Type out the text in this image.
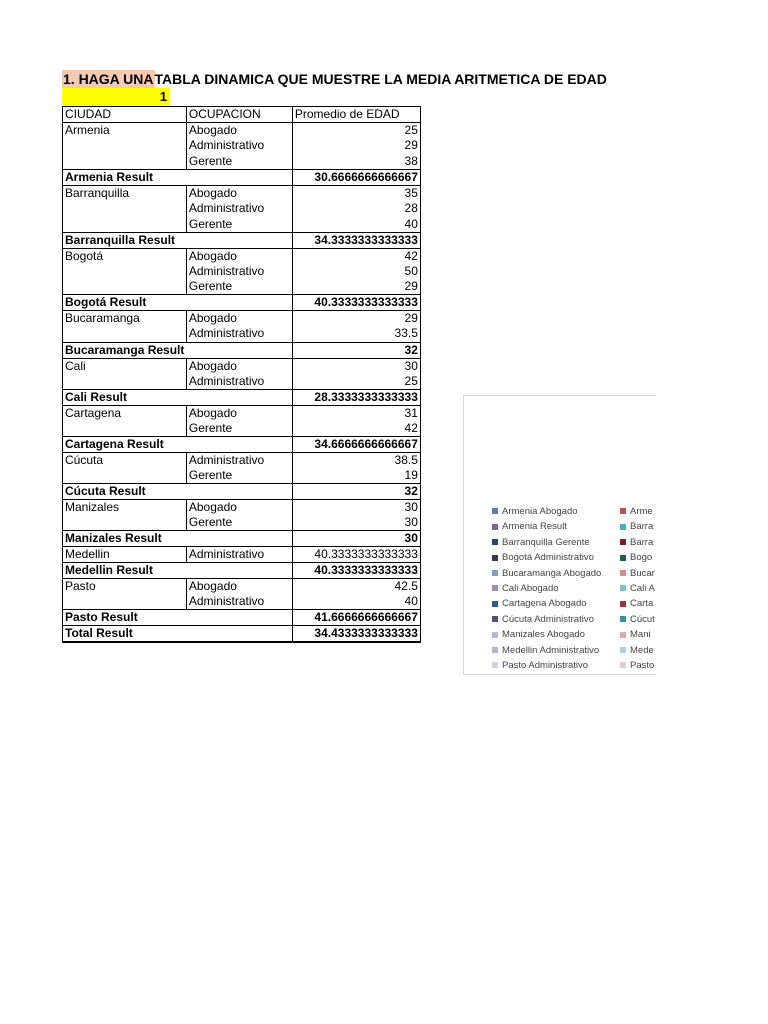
1. HAGA UNATABLA DINAMICA QUE MUESTRE LA MEDIA ARITMETICA DE EDAD
1
CIUDAD	OCUPACION	Promedio de EDAD
Armenia	Abogado	25
	Administrativo	29
	Gerente	38
Armenia Result		30.6666666666667
Barranquilla	Abogado	35
	Administrativo	28
	Gerente	40
Barranquilla Result		34.3333333333333
Bogotá	Abogado	42
	Administrativo	50
	Gerente	29
Bogotá Result		40.3333333333333
Bucaramanga	Abogado	29
	Administrativo	33.5
Bucaramanga Result		32
Cali	Abogado	30
	Administrativo	25
Cali Result		28.3333333333333
Cartagena	Abogado	31
	Gerente	42
Cartagena Result		34.6666666666667
Cúcuta	Administrativo	38.5
	Gerente	19
Cúcuta Result		32
Manizales	Abogado	30
	Gerente	30
Manizales Result		30
Medellin	Administrativo	40.3333333333333
Medellin Result		40.3333333333333
Pasto	Abogado	42.5
	Administrativo	40
Pasto Result		41.6666666666667
Total Result		34.4333333333333
Armenia Abogado	Arme
Armenia Result	Barra
Barranquilla Gerente	Barra
Bogotá Administrativo	Bogo
Bucaramanga Abogado	Bucar
Cali Abogado	Cali A
Cartagena Abogado	Carta
Cúcuta Administrativo	Cúcut
Manizales Abogado	Mani
Medellin Administrativo	Mede
Pasto Administrativo	Pasto
